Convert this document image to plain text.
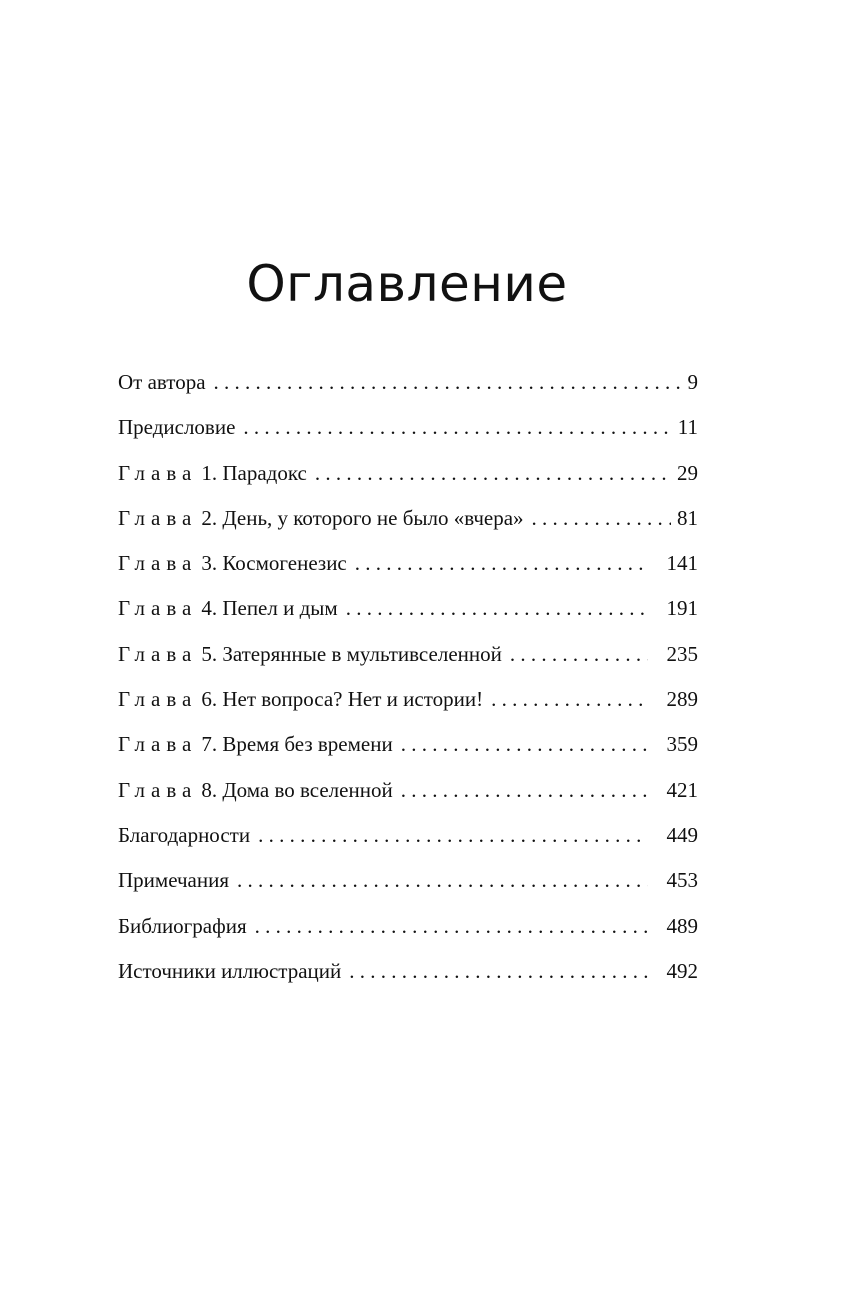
Оглавление
От автора . . .	9
Предисловие . . .	11
Глава 1. Парадокс . . .	29
Глава 2. День, у которого не было «вчера» . . .	81
Глава 3. Космогенезис . . .	141
Глава 4. Пепел и дым . . .	191
Глава 5. Затерянные в мультивселенной . . .	235
Глава 6. Нет вопроса? Нет и истории! . . .	289
Глава 7. Время без времени . . .	359
Глава 8. Дома во вселенной . . .	421
Благодарности . . .	449
Примечания . . .	453
Библиография . . .	489
Источники иллюстраций . . .	492
